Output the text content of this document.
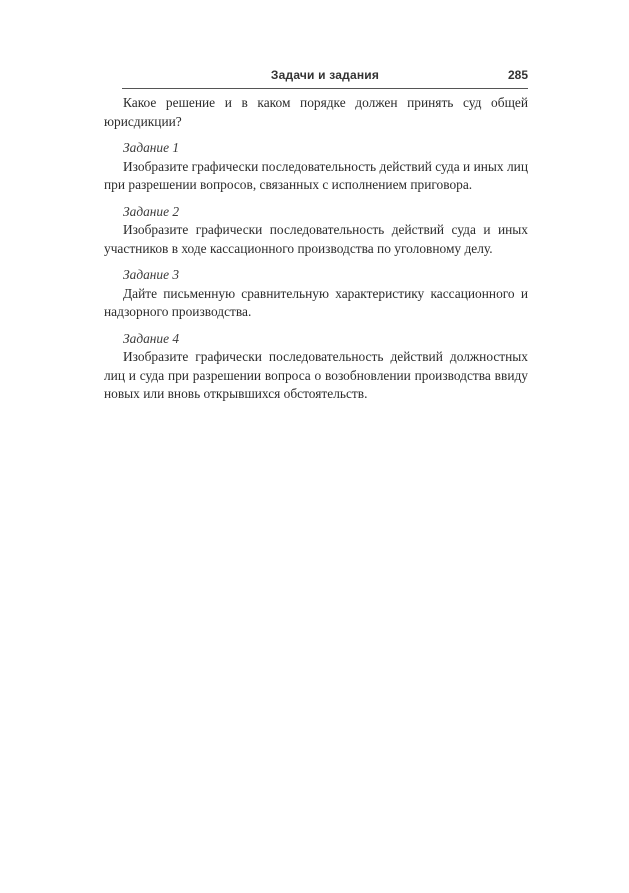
Задачи и задания	285

Какое решение и в каком порядке должен принять суд общей юрисдикции?

Задание 1

Изобразите графически последовательность действий суда и иных лиц при разрешении вопросов, связанных с исполнением приговора.

Задание 2

Изобразите графически последовательность действий суда и иных участников в ходе кассационного производства по уголовному делу.

Задание 3

Дайте письменную сравнительную характеристику кассационного и надзорного производства.

Задание 4

Изобразите графически последовательность действий должностных лиц и суда при разрешении вопроса о возобновлении производства ввиду новых или вновь открывшихся обстоятельств.
